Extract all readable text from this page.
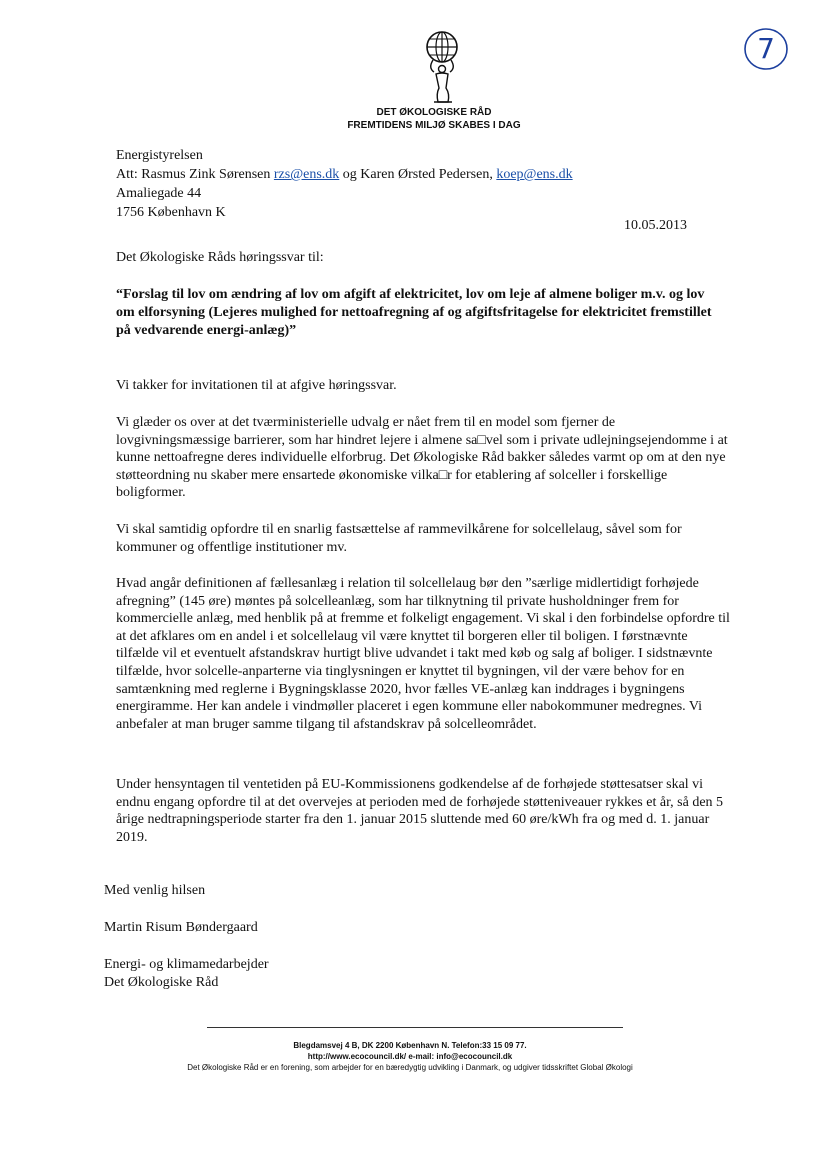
7
DET ØKOLOGISKE RÅD
FREMTIDENS MILJØ SKABES I DAG
Energistyrelsen
Att: Rasmus Zink Sørensen rzs@ens.dk og Karen Ørsted Pedersen, koep@ens.dk
Amaliegade 44
1756 København K
10.05.2013
Det Økologiske Råds høringssvar til:
“Forslag til lov om ændring af lov om afgift af elektricitet, lov om leje af almene boliger m.v. og lov om elforsyning (Lejeres mulighed for nettoafregning af og afgiftsfritagelse for elektricitet fremstillet på vedvarende energi-anlæg)”
Vi takker for invitationen til at afgive høringssvar.
Vi glæder os over at det tværministerielle udvalg er nået frem til en model som fjerner de lovgivningsmæssige barrierer, som har hindret lejere i almene sa□vel som i private udlejningsejendomme i at kunne nettoafregne deres individuelle elforbrug. Det Økologiske Råd bakker således varmt op om at den nye støtteordning nu skaber mere ensartede økonomiske vilka□r for etablering af solceller i forskellige boligformer.
Vi skal samtidig opfordre til en snarlig fastsættelse af rammevilkårene for solcellelaug, såvel som for kommuner og offentlige institutioner mv.
Hvad angår definitionen af fællesanlæg i relation til solcellelaug bør den ”særlige midlertidigt forhøjede afregning” (145 øre) møntes på solcelleanlæg, som har tilknytning til private husholdninger frem for kommercielle anlæg, med henblik på at fremme et folkeligt engagement. Vi skal i den forbindelse opfordre til at det afklares om en andel i et solcellelaug vil være knyttet til borgeren eller til boligen. I førstnævnte tilfælde vil et eventuelt afstandskrav hurtigt blive udvandet i takt med køb og salg af boliger. I sidstnævnte tilfælde, hvor solcelle-anparterne via tinglysningen er knyttet til bygningen, vil der være behov for en samtænkning med reglerne i Bygningsklasse 2020, hvor fælles VE-anlæg kan inddrages i bygningens energiramme. Her kan andele i vindmøller placeret i egen kommune eller nabokommuner medregnes. Vi anbefaler at man bruger samme tilgang til afstandskrav på solcelleområdet.
Under hensyntagen til ventetiden på EU-Kommissionens godkendelse af de forhøjede støttesatser skal vi endnu engang opfordre til at det overvejes at perioden med de forhøjede støtteniveauer rykkes et år, så den 5 årige nedtrapningsperiode starter fra den 1. januar 2015 sluttende med 60 øre/kWh fra og med d. 1. januar 2019.
Med venlig hilsen
Martin Risum Bøndergaard
Energi- og klimamedarbejder
Det Økologiske Råd
Blegdamsvej 4 B, DK 2200 København N. Telefon:33 15 09 77.
http://www.ecocouncil.dk/ e-mail: info@ecocouncil.dk
Det Økologiske Råd er en forening, som arbejder for en bæredygtig udvikling i Danmark, og udgiver tidsskriftet Global Økologi
